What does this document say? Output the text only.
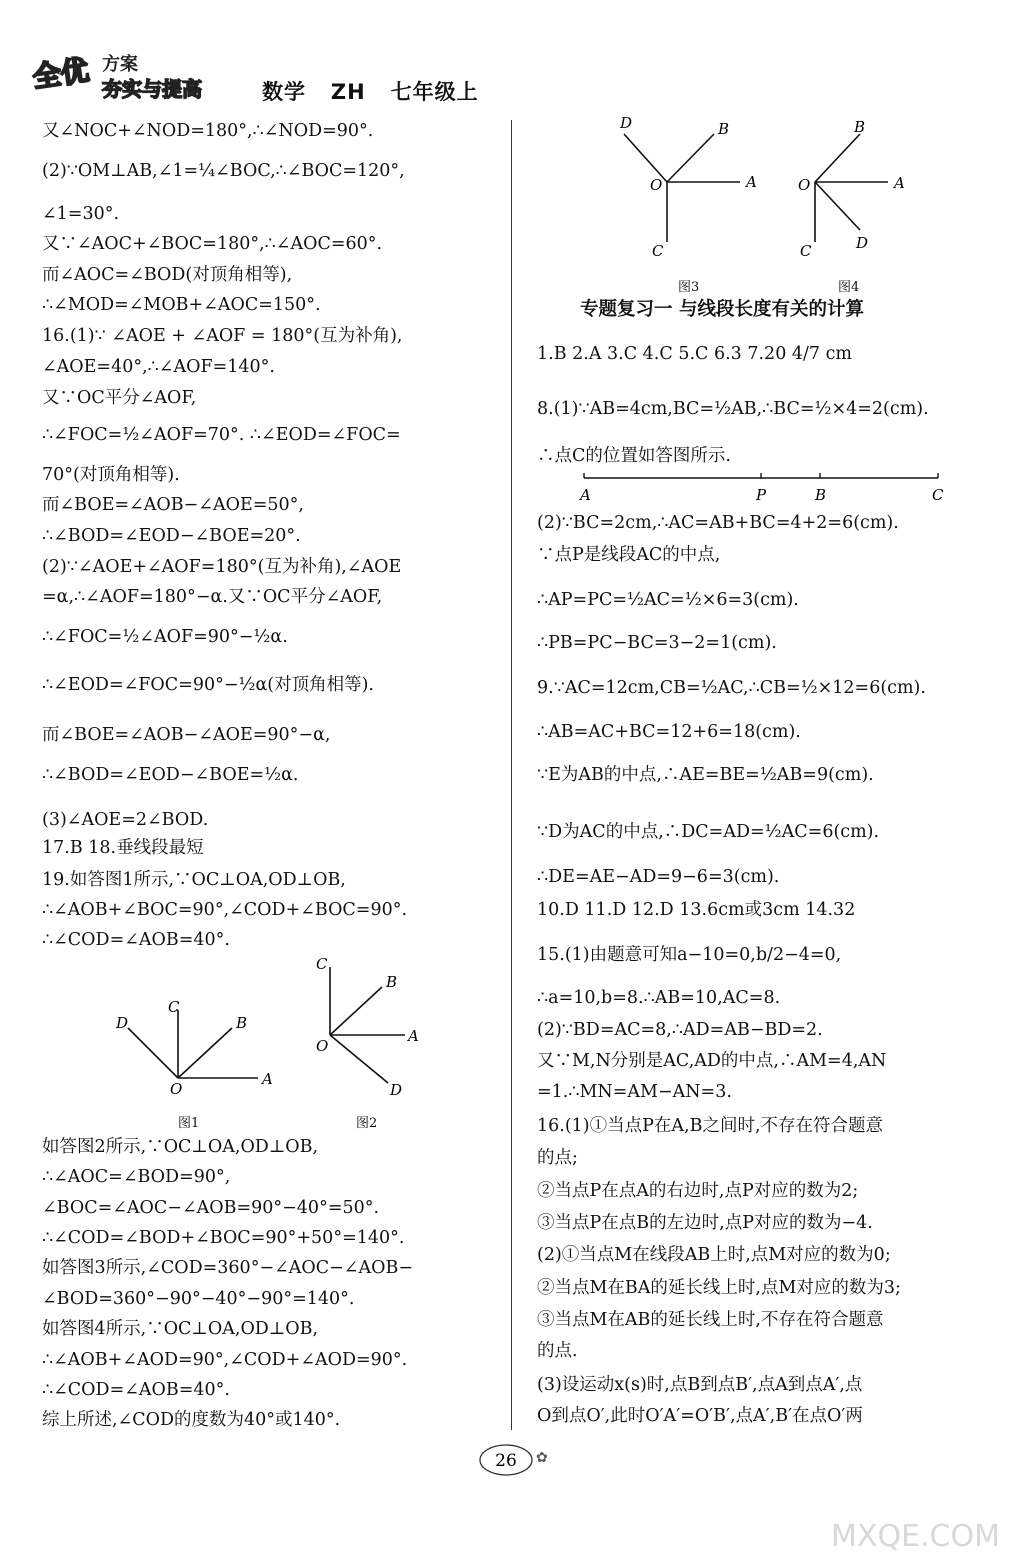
全优 方案
夯实与提高	数学   ZH   七年级上
又∠NOC+∠NOD=180°,∴∠NOD=90°.
(2)∵OM⊥AB,∠1=¼∠BOC,∴∠BOC=120°,
∠1=30°.
又∵∠AOC+∠BOC=180°,∴∠AOC=60°.
而∠AOC=∠BOD(对顶角相等),
∴∠MOD=∠MOB+∠AOC=150°.
16.(1)∵ ∠AOE + ∠AOF = 180°(互为补角),
∠AOE=40°,∴∠AOF=140°.
又∵OC平分∠AOF,
∴∠FOC=½∠AOF=70°. ∴∠EOD=∠FOC=
70°(对顶角相等).
而∠BOE=∠AOB−∠AOE=50°,
∴∠BOD=∠EOD−∠BOE=20°.
(2)∵∠AOE+∠AOF=180°(互为补角),∠AOE
=α,∴∠AOF=180°−α.又∵OC平分∠AOF,
∴∠FOC=½∠AOF=90°−½α.
∴∠EOD=∠FOC=90°−½α(对顶角相等).
而∠BOE=∠AOB−∠AOE=90°−α,
∴∠BOD=∠EOD−∠BOE=½α.
(3)∠AOE=2∠BOD.
17.B 18.垂线段最短
19.如答图1所示,∵OC⊥OA,OD⊥OB,
∴∠AOB+∠BOC=90°,∠COD+∠BOC=90°.
∴∠COD=∠AOB=40°.
如答图2所示,∵OC⊥OA,OD⊥OB,
∴∠AOC=∠BOD=90°,
∠BOC=∠AOC−∠AOB=90°−40°=50°.
∴∠COD=∠BOD+∠BOC=90°+50°=140°.
如答图3所示,∠COD=360°−∠AOC−∠AOB−
∠BOD=360°−90°−40°−90°=140°.
如答图4所示,∵OC⊥OA,OD⊥OB,
∴∠AOB+∠AOD=90°,∠COD+∠AOD=90°.
∴∠COD=∠AOB=40°.
综上所述,∠COD的度数为40°或140°.
O
A
C
B
D
图1
C
B
A
O
D
图2
D	B
A
O
C
图3
B
A
O
C	D
图4
专题复习一 与线段长度有关的计算
A	P	B	C
1.B 2.A 3.C 4.C 5.C 6.3 7.20 4/7 cm
8.(1)∵AB=4cm,BC=½AB,∴BC=½×4=2(cm).
∴点C的位置如答图所示.
(2)∵BC=2cm,∴AC=AB+BC=4+2=6(cm).
∵点P是线段AC的中点,
∴AP=PC=½AC=½×6=3(cm).
∴PB=PC−BC=3−2=1(cm).
9.∵AC=12cm,CB=½AC,∴CB=½×12=6(cm).
∴AB=AC+BC=12+6=18(cm).
∵E为AB的中点,∴AE=BE=½AB=9(cm).
∵D为AC的中点,∴DC=AD=½AC=6(cm).
∴DE=AE−AD=9−6=3(cm).
10.D 11.D 12.D 13.6cm或3cm 14.32
15.(1)由题意可知a−10=0,b/2−4=0,
∴a=10,b=8.∴AB=10,AC=8.
(2)∵BD=AC=8,∴AD=AB−BD=2.
又∵M,N分别是AC,AD的中点,∴AM=4,AN
=1.∴MN=AM−AN=3.
16.(1)①当点P在A,B之间时,不存在符合题意
的点;
②当点P在点A的右边时,点P对应的数为2;
③当点P在点B的左边时,点P对应的数为−4.
(2)①当点M在线段AB上时,点M对应的数为0;
②当点M在BA的延长线上时,点M对应的数为3;
③当点M在AB的延长线上时,不存在符合题意
的点.
(3)设运动x(s)时,点B到点B′,点A到点A′,点
O到点O′,此时O′A′=O′B′,点A′,B′在点O′两
26 ✿
MXQE.COM
